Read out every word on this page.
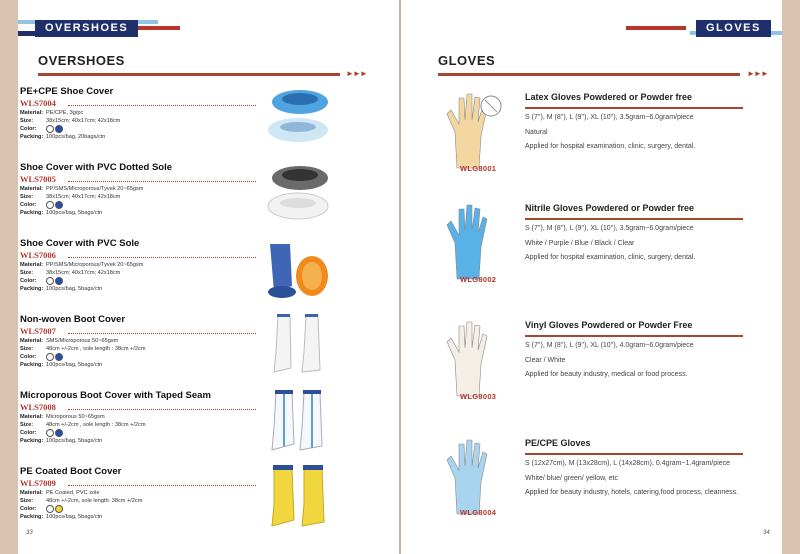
OVERSHOES	GLOVES
OVERSHOES
►►►
GLOVES
►►►
PE+CPE Shoe Cover
WLS7004
Material: PE/CPE, 3g/pc
Size: 38x15cm; 40x17cm; 42x18cm
Color:
Packing: 100pcs/bag, 20bags/ctn
Shoe Cover with PVC Dotted Sole
WLS7005
Material: PP/SMS/Microporous/Tyvek 20~65gsm
Size: 38x15cm; 40x17cm; 42x18cm
Color:
Packing: 100pcs/bag, 5bags/ctn
Shoe Cover with PVC Sole
WLS7006
Material: PP/SMS/Microporous/Tyvek 20~65gsm
Size: 38x15cm; 40x17cm; 42x18cm
Color:
Packing: 100pcs/bag, 5bags/ctn
Non-woven Boot Cover
WLS7007
Material: SMS/Microporous 50~65gsm
Size: 48cm +/-2cm , sole length : 38cm +/2cm
Color:
Packing: 100pcs/bag, 5bags/ctn
Microporous Boot Cover with Taped Seam
WLS7008
Material: Microporous 50~65gsm
Size: 48cm +/-2cm , sole length : 38cm +/2cm
Color:
Packing: 100pcs/bag, 5bags/ctn
PE Coated Boot Cover
WLS7009
Material: PE Coated, PVC sole
Size: 48cm +/-2cm, sole length: 38cm +/2cm
Color:
Packing: 100pcs/bag, 5bags/ctn
WLG8001
Latex Gloves Powdered or Powder free
S (7''), M (8''), L (9''), XL (10''), 3.5gram~6.0gram/piece
Natural
Applied for hospital examination, clinic, surgery, dental.
WLG8002
Nitrile Gloves Powdered or Powder free
S (7''), M (8''), L (9''), XL (10''), 3.5gram~6.0gram/piece
White / Purple / Blue / Black / Clear
Applied for hospital examination, clinic, surgery, dental.
WLG8003
Vinyl Gloves Powdered or Powder Free
S (7''), M (8''), L (9''), XL (10''), 4.0gram~6.0gram/piece
Clear / White
Applied for beauty industry, medical or food process.
WLG8004
PE/CPE Gloves
S (12x27cm), M (13x28cm), L (14x28cm), 0.4gram~1.4gram/piece
White/ blue/ green/ yellow, etc
Applied for beauty industry, hotels, catering,food process, cleanness.
33	34
